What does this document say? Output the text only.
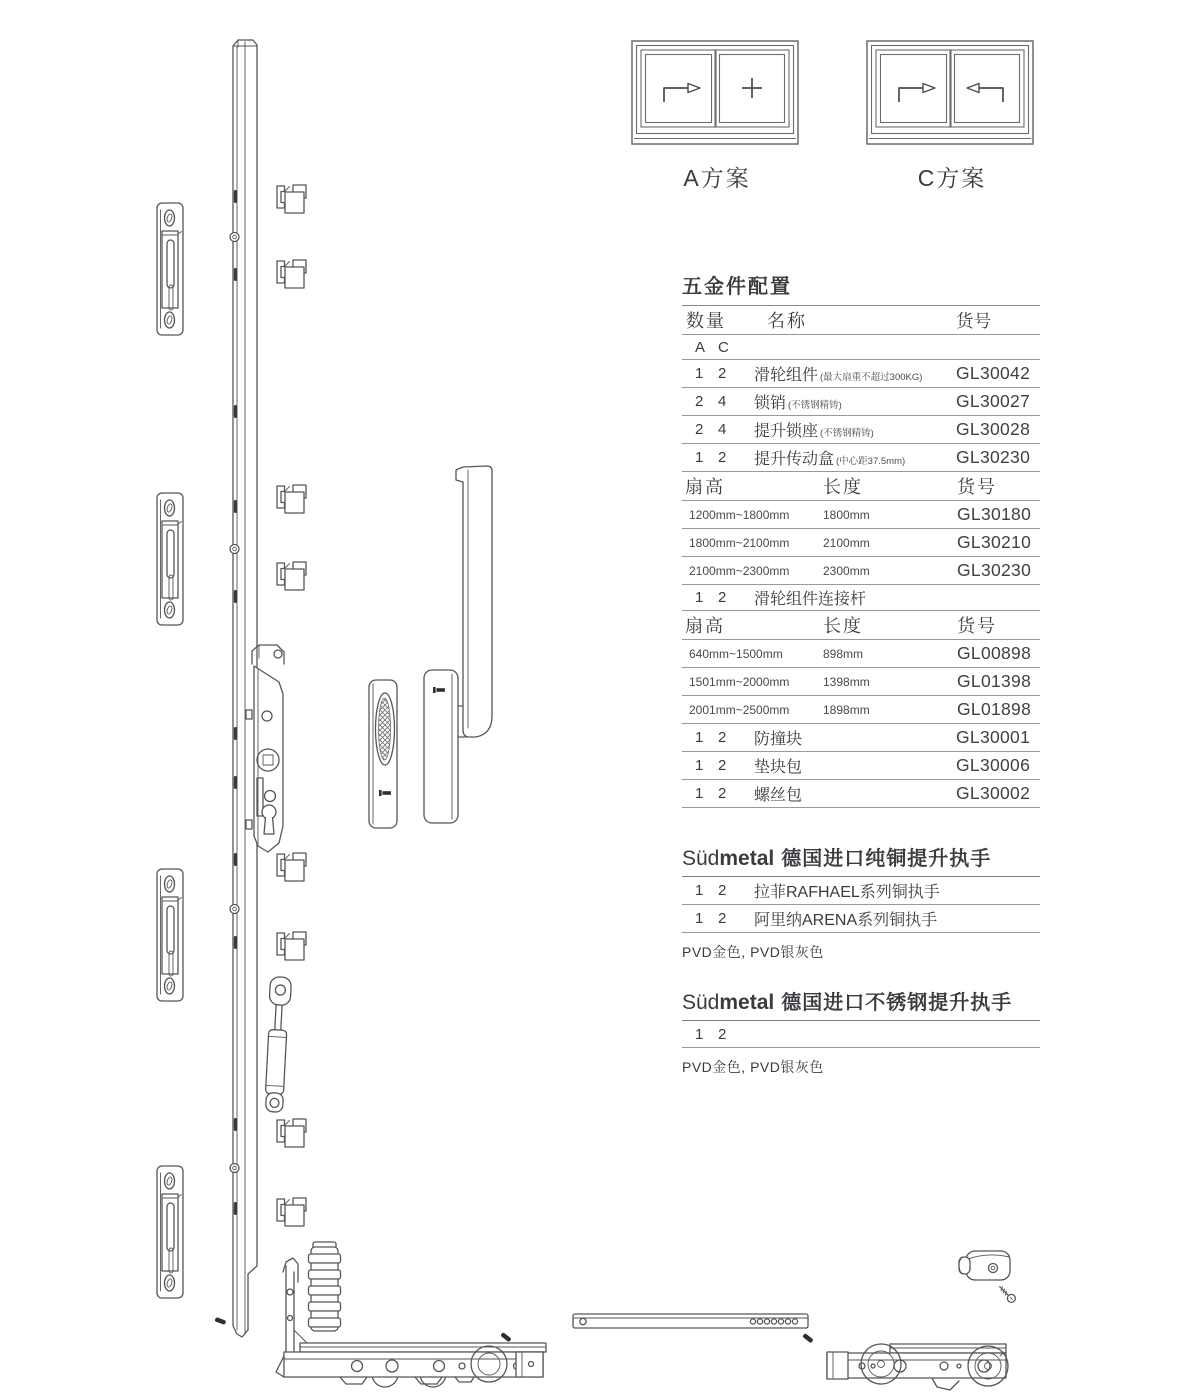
A方案	C方案
五金件配置
数量	名称	货号
A C
1 2	滑轮组件 (最大扇重不超过300KG)	GL30042
2 4	锁销 (不锈钢精铸)	GL30027
2 4	提升锁座 (不锈钢精铸)	GL30028
1 2	提升传动盒 (中心距37.5mm)	GL30230
扇高	长度	货号
1200mm~1800mm	1800mm	GL30180
1800mm~2100mm	2100mm	GL30210
2100mm~2300mm	2300mm	GL30230
1 2	滑轮组件连接杆
扇高	长度	货号
640mm~1500mm	898mm	GL00898
1501mm~2000mm	1398mm	GL01398
2001mm~2500mm	1898mm	GL01898
1 2	防撞块	GL30001
1 2	垫块包	GL30006
1 2	螺丝包	GL30002
Südmetal 德国进口纯铜提升执手
1 2	拉菲RAFHAEL系列铜执手
1 2	阿里纳ARENA系列铜执手
PVD金色, PVD银灰色
Südmetal 德国进口不锈钢提升执手
1 2
PVD金色, PVD银灰色
